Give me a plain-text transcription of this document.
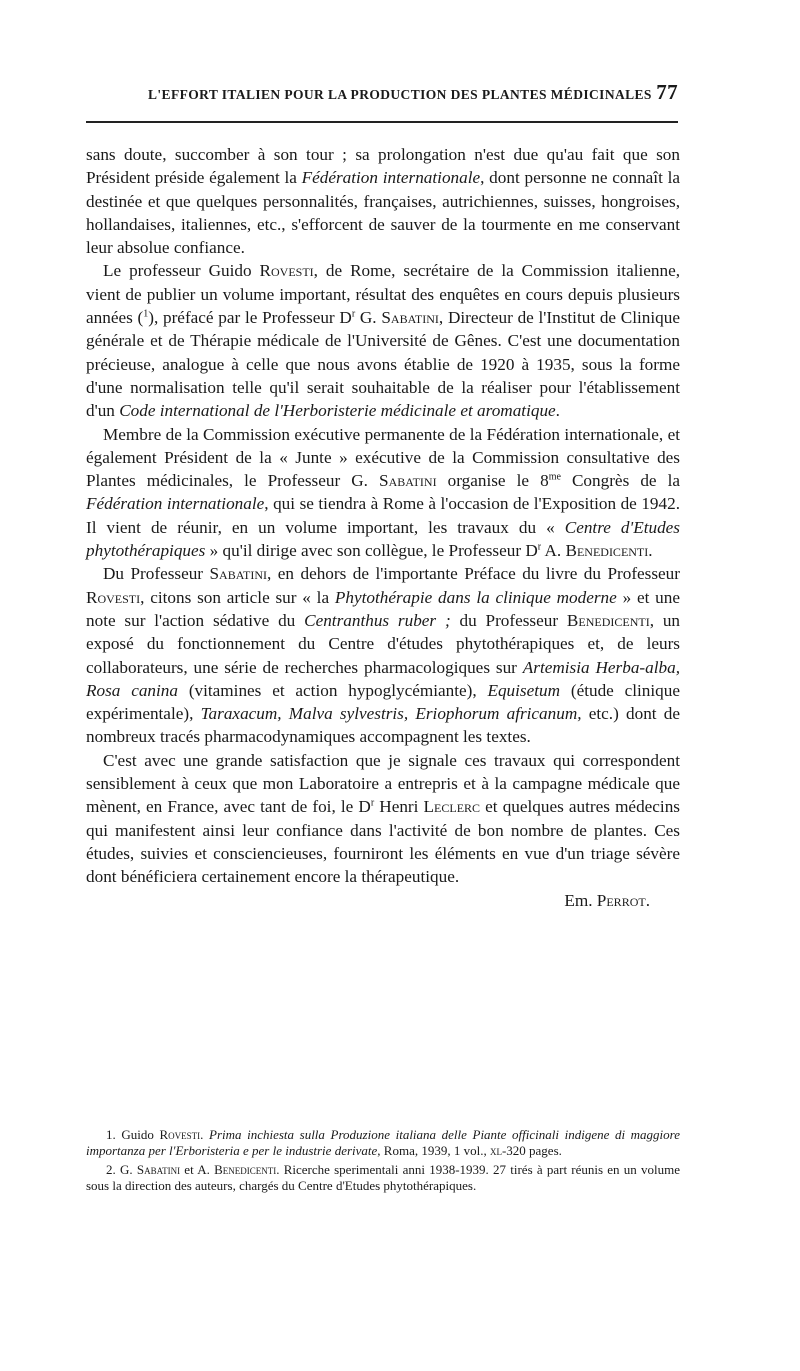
L'EFFORT ITALIEN POUR LA PRODUCTION DES PLANTES MÉDICINALES 77

sans doute, succomber à son tour ; sa prolongation n'est due qu'au fait que son Président préside également la Fédération internationale, dont personne ne connaît la destinée et que quelques personnalités, françaises, autrichiennes, suisses, hongroises, hollandaises, italiennes, etc., s'efforcent de sauver de la tourmente en me conservant leur absolue confiance.

Le professeur Guido Rovesti, de Rome, secrétaire de la Commission italienne, vient de publier un volume important, résultat des enquêtes en cours depuis plusieurs années ($^1$), préfacé par le Professeur $D^r$ G. Sabatini, Directeur de l'Institut de Clinique générale et de Thérapie médicale de l'Université de Gênes. C'est une documentation précieuse, analogue à celle que nous avons établie de 1920 à 1935, sous la forme d'une normalisation telle qu'il serait souhaitable de la réaliser pour l'établissement d'un Code international de l'Herboristerie médicinale et aromatique.

Membre de la Commission exécutive permanente de la Fédération internationale, et également Président de la « Junte » exécutive de la Commission consultative des Plantes médicinales, le Professeur G. Sabatini organise le $8^{me}$ Congrès de la Fédération internationale, qui se tiendra à Rome à l'occasion de l'Exposition de 1942. Il vient de réunir, en un volume important, les travaux du « Centre d'Etudes phytothérapiques » qu'il dirige avec son collègue, le Professeur $D^r$ A. Benedicenti.

Du Professeur Sabatini, en dehors de l'importante Préface du livre du Professeur Rovesti, citons son article sur « la Phytothérapie dans la clinique moderne » et une note sur l'action sédative du Centranthus ruber ; du Professeur Benedicenti, un exposé du fonctionnement du Centre d'études phytothérapiques et, de leurs collaborateurs, une série de recherches pharmacologiques sur Artemisia Herba-alba, Rosa canina (vitamines et action hypoglycémiante), Equisetum (étude clinique expérimentale), Taraxacum, Malva sylvestris, Eriophorum africanum, etc.) dont de nombreux tracés pharmacodynamiques accompagnent les textes.

C'est avec une grande satisfaction que je signale ces travaux qui correspondent sensiblement à ceux que mon Laboratoire a entrepris et à la campagne médicale que mènent, en France, avec tant de foi, le $D^r$ Henri Leclerc et quelques autres médecins qui manifestent ainsi leur confiance dans l'activité de bon nombre de plantes. Ces études, suivies et consciencieuses, fourniront les éléments en vue d'un triage sévère dont bénéficiera certainement encore la thérapeutique.

Em. Perrot.

1. Guido Rovesti. Prima inchiesta sulla Produzione italiana delle Piante officinali indigene di maggiore importanza per l'Erboristeria e per le industrie derivate, Roma, 1939, 1 vol., xl-320 pages.

2. G. Sabatini et A. Benedicenti. Ricerche sperimentali anni 1938-1939. 27 tirés à part réunis en un volume sous la direction des auteurs, chargés du Centre d'Etudes phytothérapiques.
